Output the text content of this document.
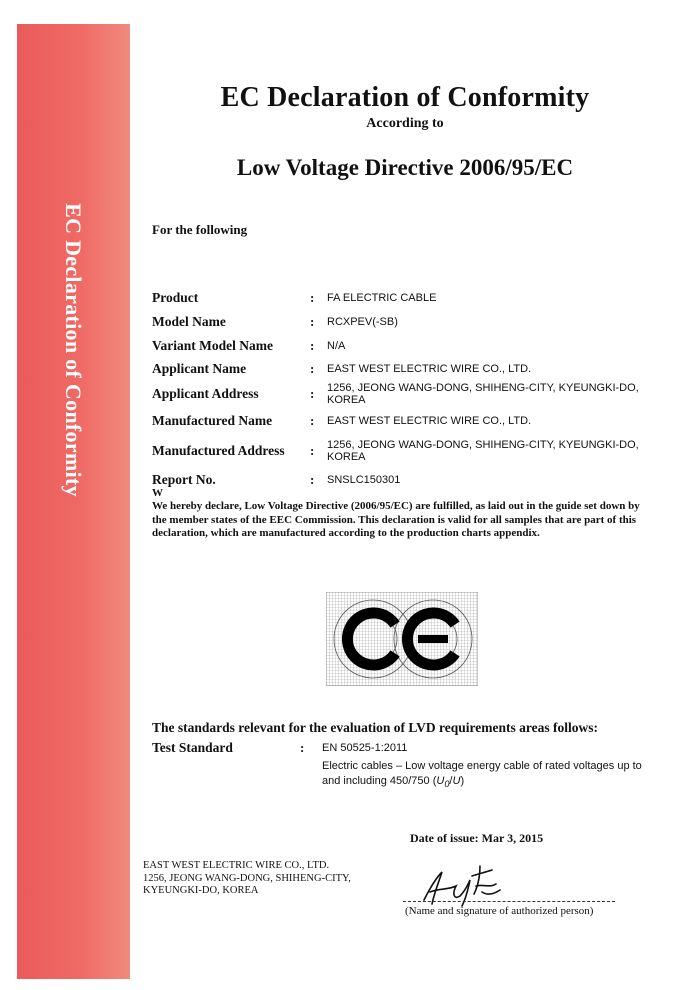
EC Declaration of Conformity
EC Declaration of Conformity
According to
Low Voltage Directive 2006/95/EC
For the following
Product	: FA ELECTRIC CABLE
Model Name	: RCXPEV(-SB)
Variant Model Name	: N/A
Applicant Name	: EAST WEST ELECTRIC WIRE CO., LTD.
Applicant Address	: 1256, JEONG WANG-DONG, SHIHENG-CITY, KYEUNGKI-DO, KOREA
Manufactured Name	: EAST WEST ELECTRIC WIRE CO., LTD.
Manufactured Address : 1256, JEONG WANG-DONG, SHIHENG-CITY, KYEUNGKI-DO, KOREA
Report No.	: SNSLC150301
W

We hereby declare, Low Voltage Directive (2006/95/EC) are fulfilled, as laid out in the guide set down by the member states of the EEC Commission. This declaration is valid for all samples that are part of this declaration, which are manufactured according to the production charts appendix.

The standards relevant for the evaluation of LVD requirements areas follows:
Test Standard	: EN 50525-1:2011
Electric cables – Low voltage energy cable of rated voltages up to and including 450/750 $(U_0/U)$
Date of issue: Mar 3, 2015
EAST WEST ELECTRIC WIRE CO., LTD.
1256, JEONG WANG-DONG, SHIHENG-CITY,
KYEUNGKI-DO, KOREA
(Name and signature of authorized person)
